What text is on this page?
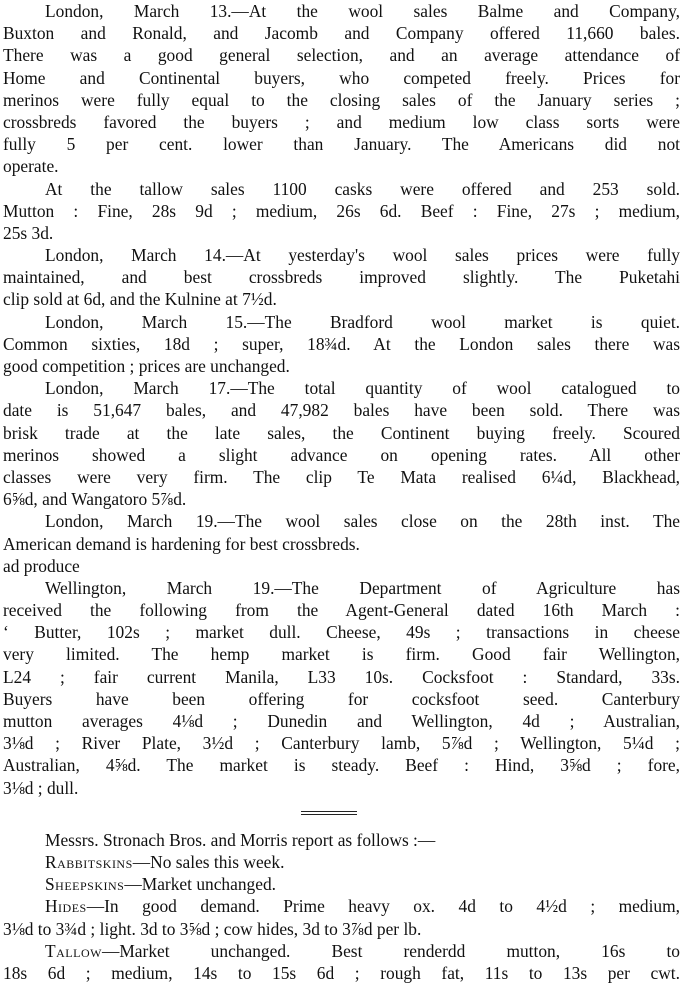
London, March 13.—At the wool sales Balme and Company,
Buxton and Ronald, and Jacomb and Company offered 11,660 bales.
There was a good general selection, and an average attendance of
Home and Continental buyers, who competed freely. Prices for
merinos were fully equal to the closing sales of the January series ;
crossbreds favored the buyers ; and medium low class sorts were
fully 5 per cent. lower than January. The Americans did not
operate.
At the tallow sales 1100 casks were offered and 253 sold.
Mutton : Fine, 28s 9d ; medium, 26s 6d. Beef : Fine, 27s ; medium,
25s 3d.
London, March 14.—At yesterday's wool sales prices were fully
maintained, and best crossbreds improved slightly. The Puketahi
clip sold at 6d, and the Kulnine at 7½d.
London, March 15.—The Bradford wool market is quiet.
Common sixties, 18d ; super, 18¾d. At the London sales there was
good competition ; prices are unchanged.
London, March 17.—The total quantity of wool catalogued to
date is 51,647 bales, and 47,982 bales have been sold. There was
brisk trade at the late sales, the Continent buying freely. Scoured
merinos showed a slight advance on opening rates. All other
classes were very firm. The clip Te Mata realised 6¼d, Blackhead,
6⅝d, and Wangatoro 5⅞d.
London, March 19.—The wool sales close on the 28th inst. The
American demand is hardening for best crossbreds.
ad produce
Wellington, March 19.—The Department of Agriculture has
received the following from the Agent-General dated 16th March :
‘ Butter, 102s ; market dull. Cheese, 49s ; transactions in cheese
very limited. The hemp market is firm. Good fair Wellington,
L24 ; fair current Manila, L33 10s. Cocksfoot : Standard, 33s.
Buyers have been offering for cocksfoot seed. Canterbury
mutton averages 4⅛d ; Dunedin and Wellington, 4d ; Australian,
3⅛d ; River Plate, 3½d ; Canterbury lamb, 5⅞d ; Wellington, 5¼d ;
Australian, 4⅝d. The market is steady. Beef : Hind, 3⅝d ; fore,
3⅛d ; dull.
Messrs. Stronach Bros. and Morris report as follows :—
Rabbitskins—No sales this week.
Sheepskins—Market unchanged.
Hides—In good demand. Prime heavy ox. 4d to 4½d ; medium,
3⅛d to 3¾d ; light. 3d to 3⅝d ; cow hides, 3d to 3⅞d per lb.
Tallow—Market unchanged. Best renderdd mutton, 16s to
18s 6d ; medium, 14s to 15s 6d ; rough fat, 11s to 13s per cwt.
